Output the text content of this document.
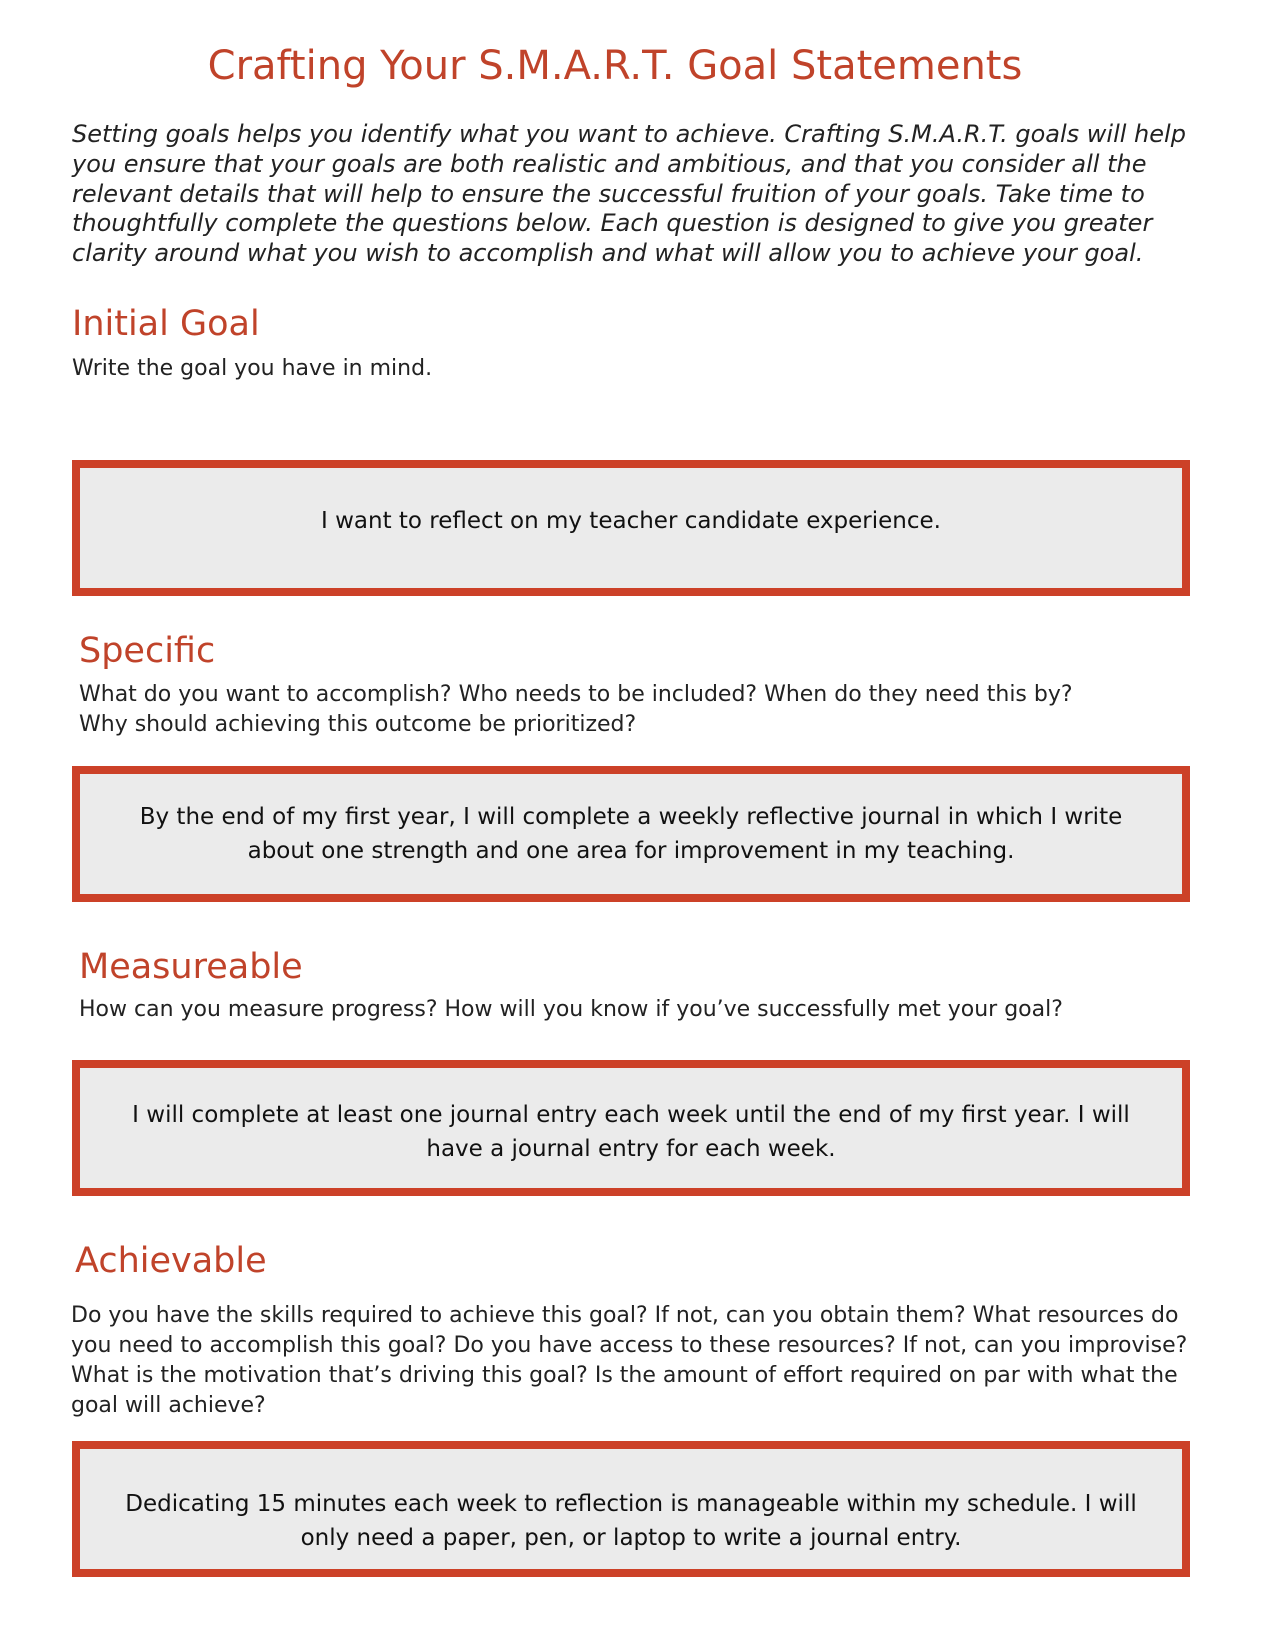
Crafting Your S.M.A.R.T. Goal Statements

Setting goals helps you identify what you want to achieve. Crafting S.M.A.R.T. goals will help you ensure that your goals are both realistic and ambitious, and that you consider all the relevant details that will help to ensure the successful fruition of your goals. Take time to thoughtfully complete the questions below. Each question is designed to give you greater clarity around what you wish to accomplish and what will allow you to achieve your goal.

Initial Goal

Write the goal you have in mind.

I want to reflect on my teacher candidate experience.

Specific

What do you want to accomplish? Who needs to be included? When do they need this by?

Why should achieving this outcome be prioritized?

By the end of my first year, I will complete a weekly reflective journal in which I write about one strength and one area for improvement in my teaching.

Measureable

How can you measure progress? How will you know if you’ve successfully met your goal?

I will complete at least one journal entry each week until the end of my first year. I will have a journal entry for each week.

Achievable

Do you have the skills required to achieve this goal? If not, can you obtain them? What resources do

you need to accomplish this goal? Do you have access to these resources? If not, can you improvise?

What is the motivation that’s driving this goal? Is the amount of effort required on par with what the

goal will achieve?

Dedicating 15 minutes each week to reflection is manageable within my schedule. I will only need a paper, pen, or laptop to write a journal entry.
